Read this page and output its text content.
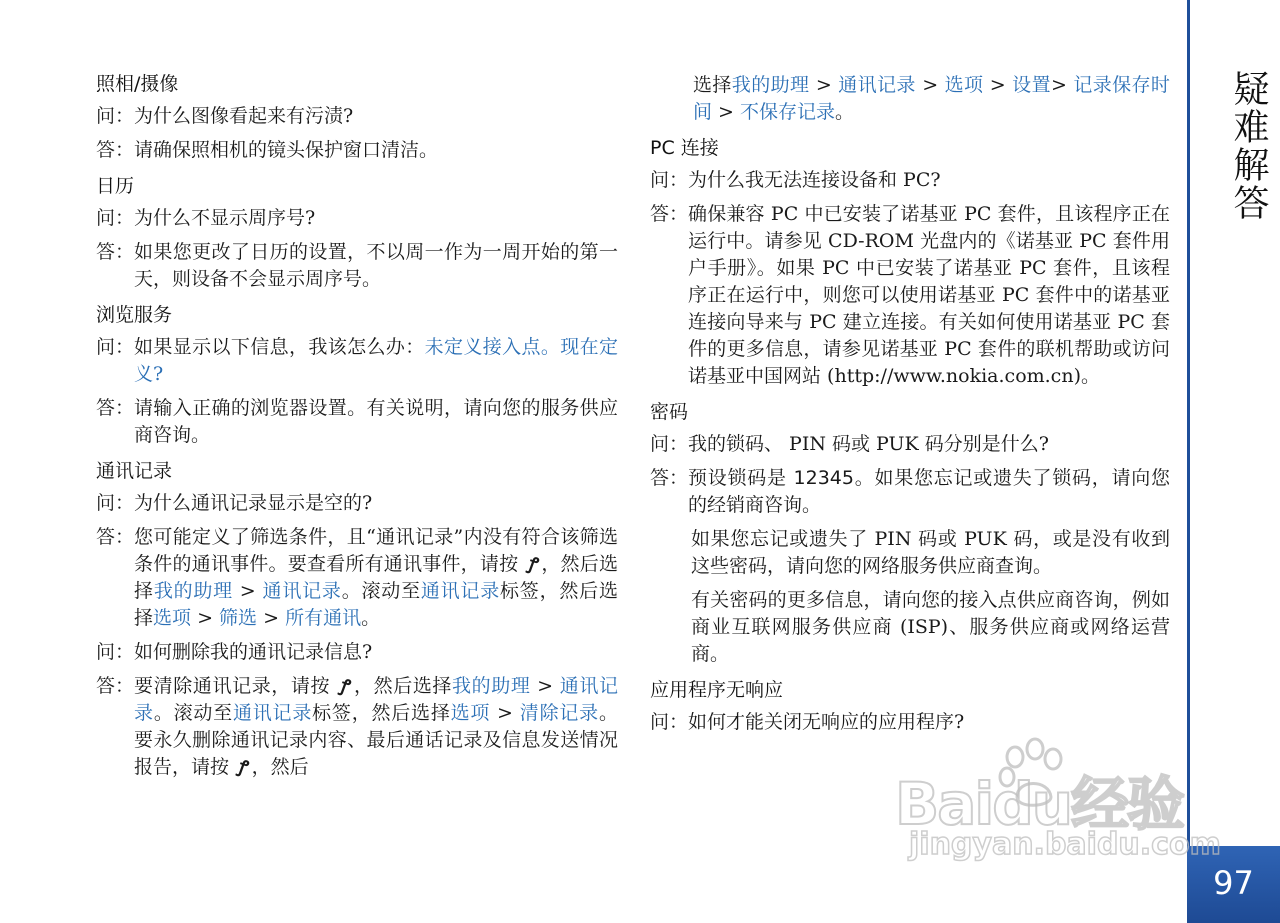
照相/摄像
问： 为什么图像看起来有污渍?
答： 请确保照相机的镜头保护窗口清洁。
日历
问： 为什么不显示周序号?
答： 如果您更改了日历的设置，不以周一作为一周开始的第一天，则设备不会显示周序号。
浏览服务
问： 如果显示以下信息，我该怎么办：未定义接入点。现在定义?
答： 请输入正确的浏览器设置。有关说明，请向您的服务供应商咨询。
通讯记录
问： 为什么通讯记录显示是空的?
答： 您可能定义了筛选条件，且“通讯记录”内没有符合该筛选条件的通讯事件。要查看所有通讯事件，请按 ꝭ，然后选择我的助理 > 通讯记录。滚动至通讯记录标签，然后选择选项 > 筛选 > 所有通讯。
问： 如何删除我的通讯记录信息?
答： 要清除通讯记录，请按 ꝭ，然后选择我的助理 > 通讯记录。滚动至通讯记录标签，然后选择选项 > 清除记录。要永久删除通讯记录内容、最后通话记录及信息发送情况报告，请按 ꝭ，然后
选择我的助理 > 通讯记录 > 选项 > 设置> 记录保存时间 > 不保存记录。
PC 连接
问： 为什么我无法连接设备和 PC?
答： 确保兼容 PC 中已安装了诺基亚 PC 套件，且该程序正在运行中。请参见 CD-ROM 光盘内的《诺基亚 PC 套件用户手册》。如果 PC 中已安装了诺基亚 PC 套件，且该程序正在运行中，则您可以使用诺基亚 PC 套件中的诺基亚连接向导来与 PC 建立连接。有关如何使用诺基亚 PC 套件的更多信息，请参见诺基亚 PC 套件的联机帮助或访问诺基亚中国网站 (http://www.nokia.com.cn)。
密码
问： 我的锁码、 PIN 码或 PUK 码分别是什么?
答： 预设锁码是 12345。如果您忘记或遗失了锁码，请向您的经销商咨询。
如果您忘记或遗失了 PIN 码或 PUK 码，或是没有收到这些密码，请向您的网络服务供应商查询。
有关密码的更多信息，请向您的接入点供应商咨询，例如商业互联网服务供应商 (ISP)、服务供应商或网络运营商。
应用程序无响应
问： 如何才能关闭无响应的应用程序?
疑难解答
97
Baidu经验
jingyan.baidu.com
